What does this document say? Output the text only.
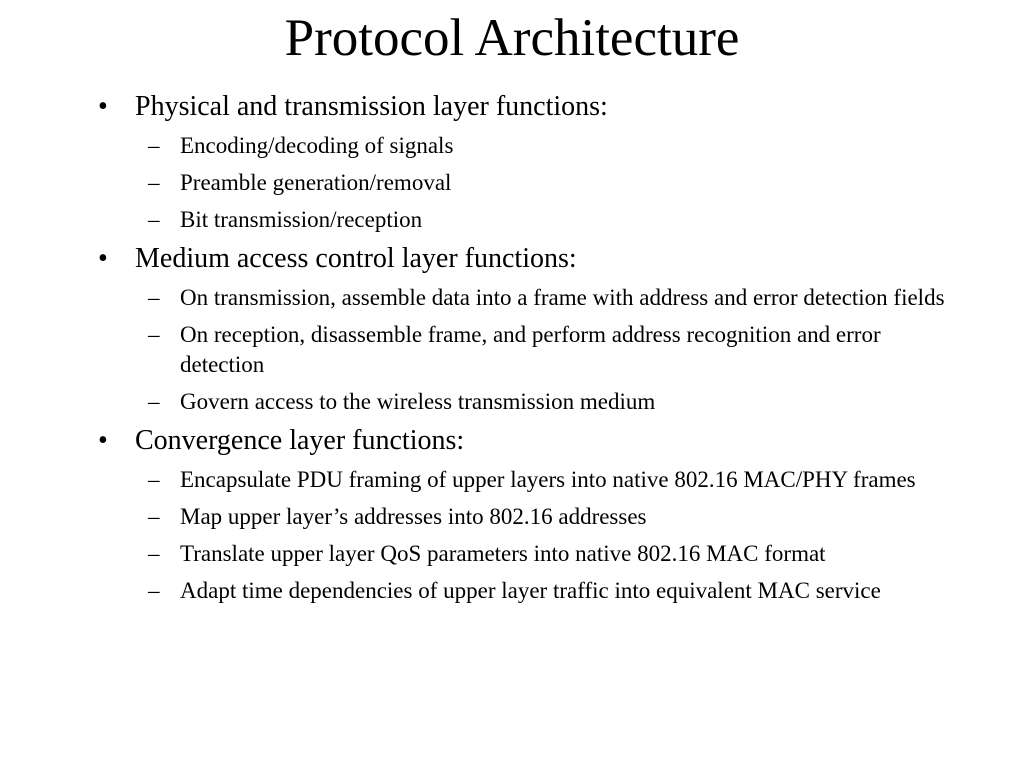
Protocol Architecture
• Physical and transmission layer functions:
– Encoding/decoding of signals
– Preamble generation/removal
– Bit transmission/reception
• Medium access control layer functions:
– On transmission, assemble data into a frame with address and error detection fields
– On reception, disassemble frame, and perform address recognition and error detection
– Govern access to the wireless transmission medium
• Convergence layer functions:
– Encapsulate PDU framing of upper layers into native 802.16 MAC/PHY frames
– Map upper layer’s addresses into 802.16 addresses
– Translate upper layer QoS parameters into native 802.16 MAC format
– Adapt time dependencies of upper layer traffic into equivalent MAC service
